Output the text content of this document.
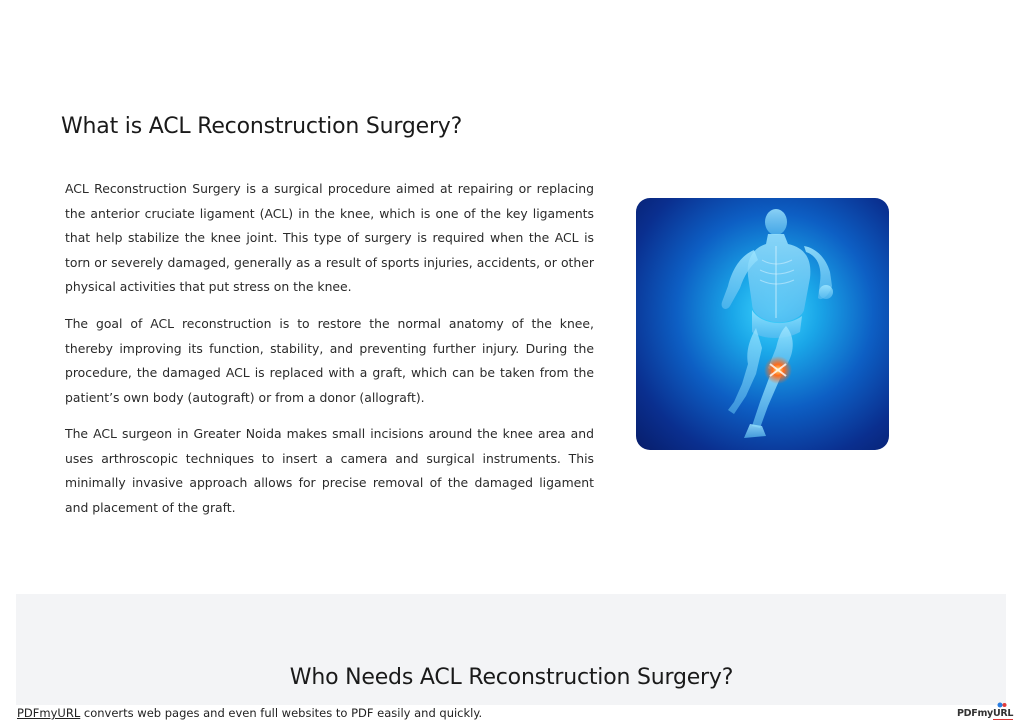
What is ACL Reconstruction Surgery?

ACL Reconstruction Surgery is a surgical procedure aimed at repairing or replacing the anterior cruciate ligament (ACL) in the knee, which is one of the key ligaments that help stabilize the knee joint. This type of surgery is required when the ACL is torn or severely damaged, generally as a result of sports injuries, accidents, or other physical activities that put stress on the knee.

The goal of ACL reconstruction is to restore the normal anatomy of the knee, thereby improving its function, stability, and preventing further injury. During the procedure, the damaged ACL is replaced with a graft, which can be taken from the patient’s own body (autograft) or from a donor (allograft).

The ACL surgeon in Greater Noida makes small incisions around the knee area and uses arthroscopic techniques to insert a camera and surgical instruments. This minimally invasive approach allows for precise removal of the damaged ligament and placement of the graft.

Who Needs ACL Reconstruction Surgery?
PDFmyURL converts web pages and even full websites to PDF easily and quickly.	PDFmyURL
